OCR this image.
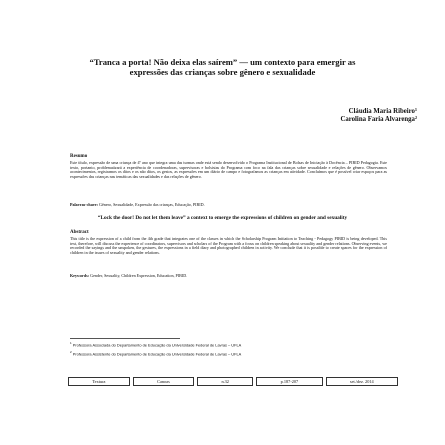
“Tranca a porta! Não deixa elas saírem” — um contexto para emergir as expressões das crianças sobre gênero e sexualidade
Cláudia Maria Ribeiro¹
Carolina Faria Alvarenga²
Resumo
Este título, expressão de uma criança de 4º ano que integra uma das turmas onde está sendo desenvolvido o Programa Institucional de Bolsas de Iniciação à Docência – PIBID Pedagogia. Este texto, portanto, problematizará a experiência de coordenadoras, supervisoras e bolsistas do Programa com foco na fala das crianças sobre sexualidade e relações de gênero. Observamos acontecimentos, registramos os ditos e os não ditos, os gestos, as expressões em um diário de campo e fotografamos as crianças em atividade. Concluímos que é possível criar espaços para as expressões das crianças nas temáticas das sexualidades e das relações de gênero.
Palavras-chave: Gênero, Sexualidade, Expressão das crianças, Educação, PIBID.
“Lock the door! Do not let them leave” a context to emerge the expressions of children on gender and sexuality
Abstract
This title is the expression of a child from the 4th grade that integrates one of the classes in which the Scholarship Program Initiation to Teaching - Pedagogy PIBID is being developed. This text, therefore, will discuss the experience of coordinators, supervisors and scholars of the Program with a focus on children speaking about sexuality and gender relations. Observing events, we recorded the sayings and the unspoken, the gestures, the expressions in a field diary and photographed children in activity. We conclude that it is possible to create spaces for the expression of children in the issues of sexuality and gender relations.
Keywords: Gender, Sexuality, Children Expression, Education, PIBID.
$^1$ Professora Associada do Departamento de Educação da Universidade Federal de Lavras – UFLA
$^2$ Professora Assistente do Departamento de Educação da Universidade Federal de Lavras – UFLA
Textura	Canoas	n.32	p.187-207	set./dez. 2014
